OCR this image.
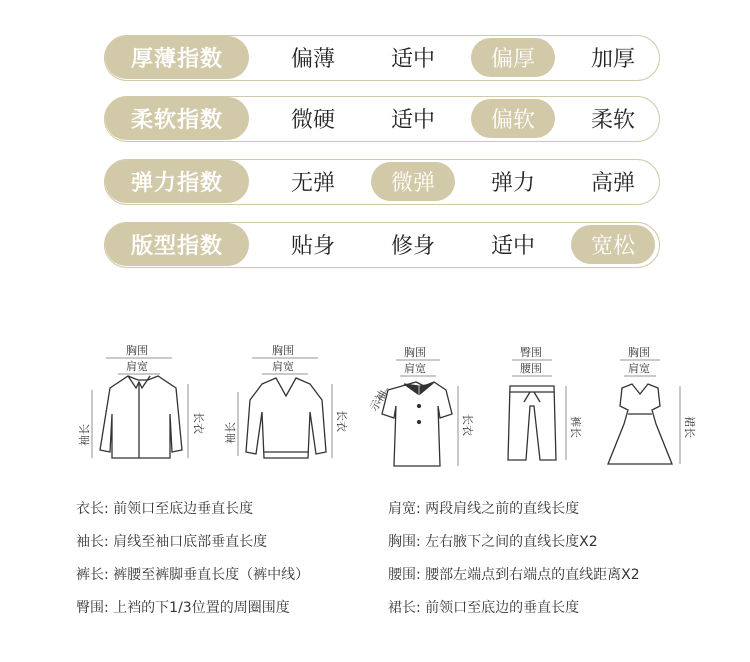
厚薄指数	偏薄	适中	偏厚	加厚
柔软指数	微硬	适中	偏软	柔软
弹力指数	无弹	微弹	弹力	高弹
版型指数	贴身	修身	适中	宽松
胸围
肩宽
袖长
长衣
胸围
肩宽
袖长
长衣
胸围
肩宽
示袖
长衣
臀围
腰围
裤长
胸围
肩宽
裙长
衣长: 前领口至底边垂直长度
袖长: 肩线至袖口底部垂直长度
裤长: 裤腰至裤脚垂直长度（裤中线）
臀围: 上裆的下1/3位置的周圈围度
肩宽: 两段肩线之前的直线长度
胸围: 左右腋下之间的直线长度X2
腰围: 腰部左端点到右端点的直线距离X2
裙长: 前领口至底边的垂直长度
